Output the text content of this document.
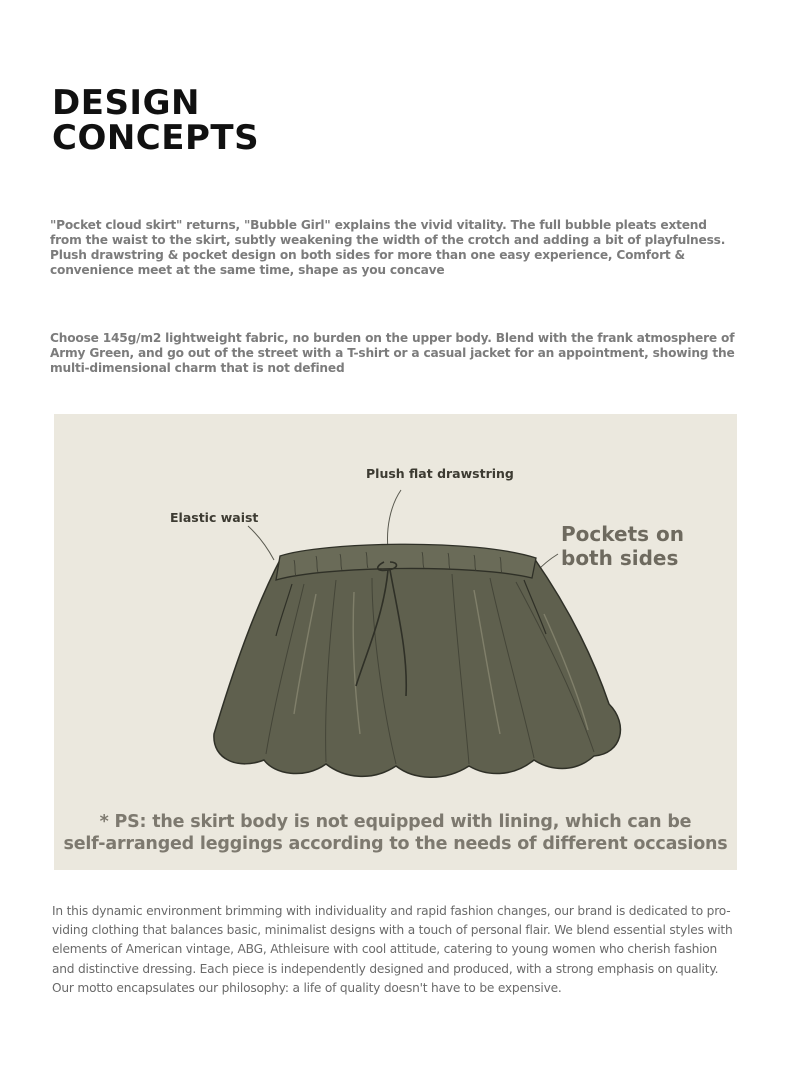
DESIGN
CONCEPTS

"Pocket cloud skirt" returns, "Bubble Girl" explains the vivid vitality. The full bubble pleats extend from the waist to the skirt, subtly weakening the width of the crotch and adding a bit of playfulness. Plush drawstring & pocket design on both sides for more than one easy experience, Comfort & convenience meet at the same time, shape as you concave

Choose 145g/m2 lightweight fabric, no burden on the upper body. Blend with the frank atmosphere of Army Green, and go out of the street with a T-shirt or a casual jacket for an appointment, showing the multi-dimensional charm that is not defined

Plush flat drawstring
Elastic waist
Pockets on both sides
* PS: the skirt body is not equipped with lining, which can be
self-arranged leggings according to the needs of different occasions

In this dynamic environment brimming with individuality and rapid fashion changes, our brand is dedicated to pro-
viding clothing that balances basic, minimalist designs with a touch of personal flair. We blend essential styles with
elements of American vintage, ABG, Athleisure with cool attitude, catering to young women who cherish fashion
and distinctive dressing. Each piece is independently designed and produced, with a strong emphasis on quality.
Our motto encapsulates our philosophy: a life of quality doesn't have to be expensive.
